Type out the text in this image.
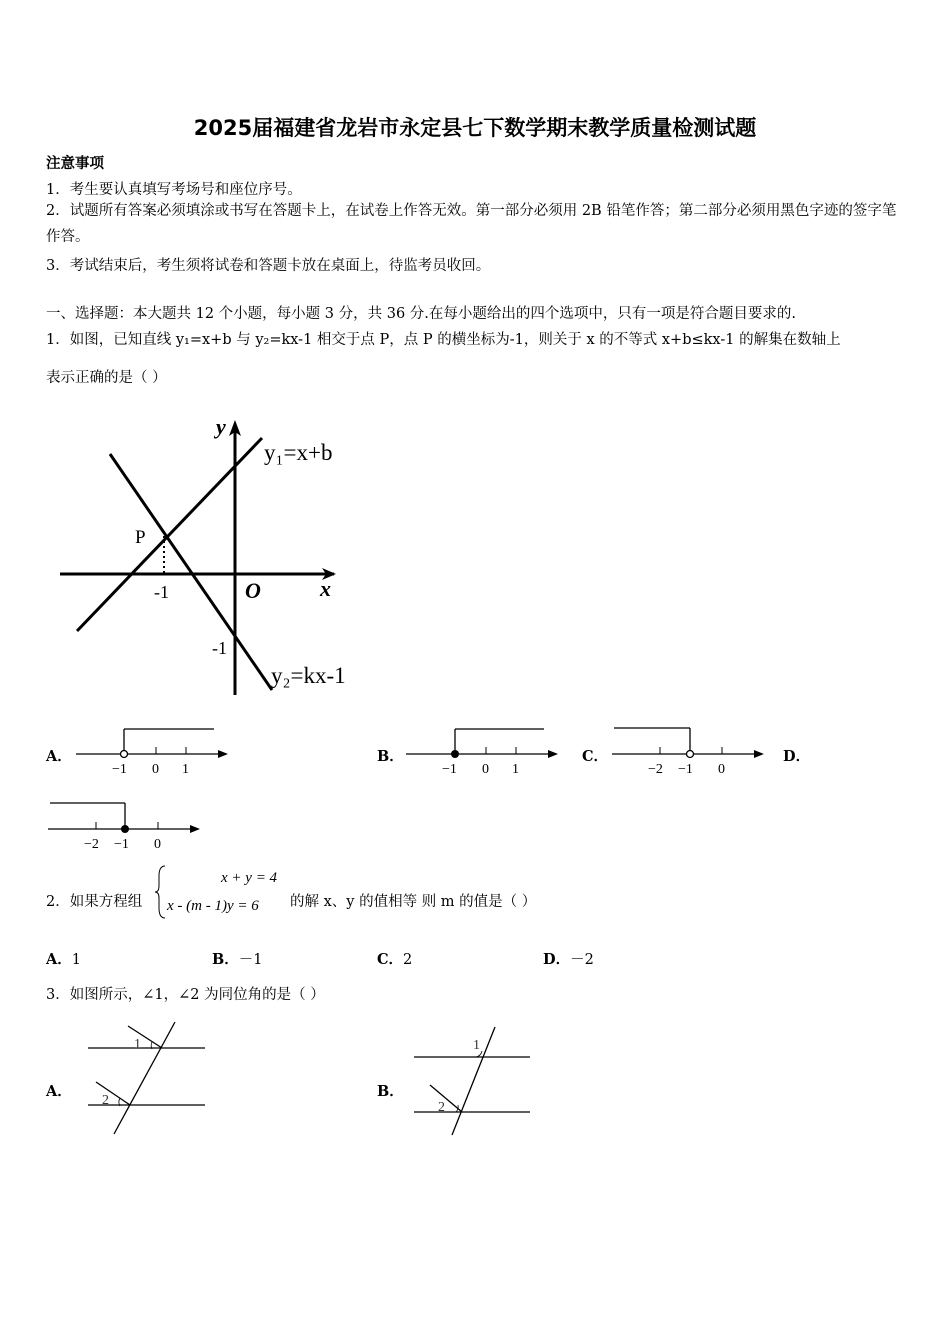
2025届福建省龙岩市永定县七下数学期末教学质量检测试题
注意事项
1．考生要认真填写考场号和座位序号。
2．试题所有答案必须填涂或书写在答题卡上，在试卷上作答无效。第一部分必须用 2B 铅笔作答；第二部分必须用黑色字迹的签字笔作答。
3．考试结束后，考生须将试卷和答题卡放在桌面上，待监考员收回。
一、选择题：本大题共 12 个小题，每小题 3 分，共 36 分.在每小题给出的四个选项中，只有一项是符合题目要求的.
1．如图，已知直线 y₁=x+b 与 y₂=kx-1 相交于点 P，点 P 的横坐标为-1，则关于 x 的不等式 x+b≤kx-1 的解集在数轴上
表示正确的是（ ）
y
x
O
P
-1
-1
y₁=x+b
y₂=kx-1
A．
−1 0 1
B．
−1 0 1
C．
−2 −1 0
D．
−2 −1 0
2．如果方程组
x + y = 4
x - (m - 1)y = 6 的解 x、y 的值相等 则 m 的值是（ ）
A．1	B．－1	C．2	D．－2
3．如图所示，∠1，∠2 为同位角的是（ ）
A．
1
2
B．
1
2
